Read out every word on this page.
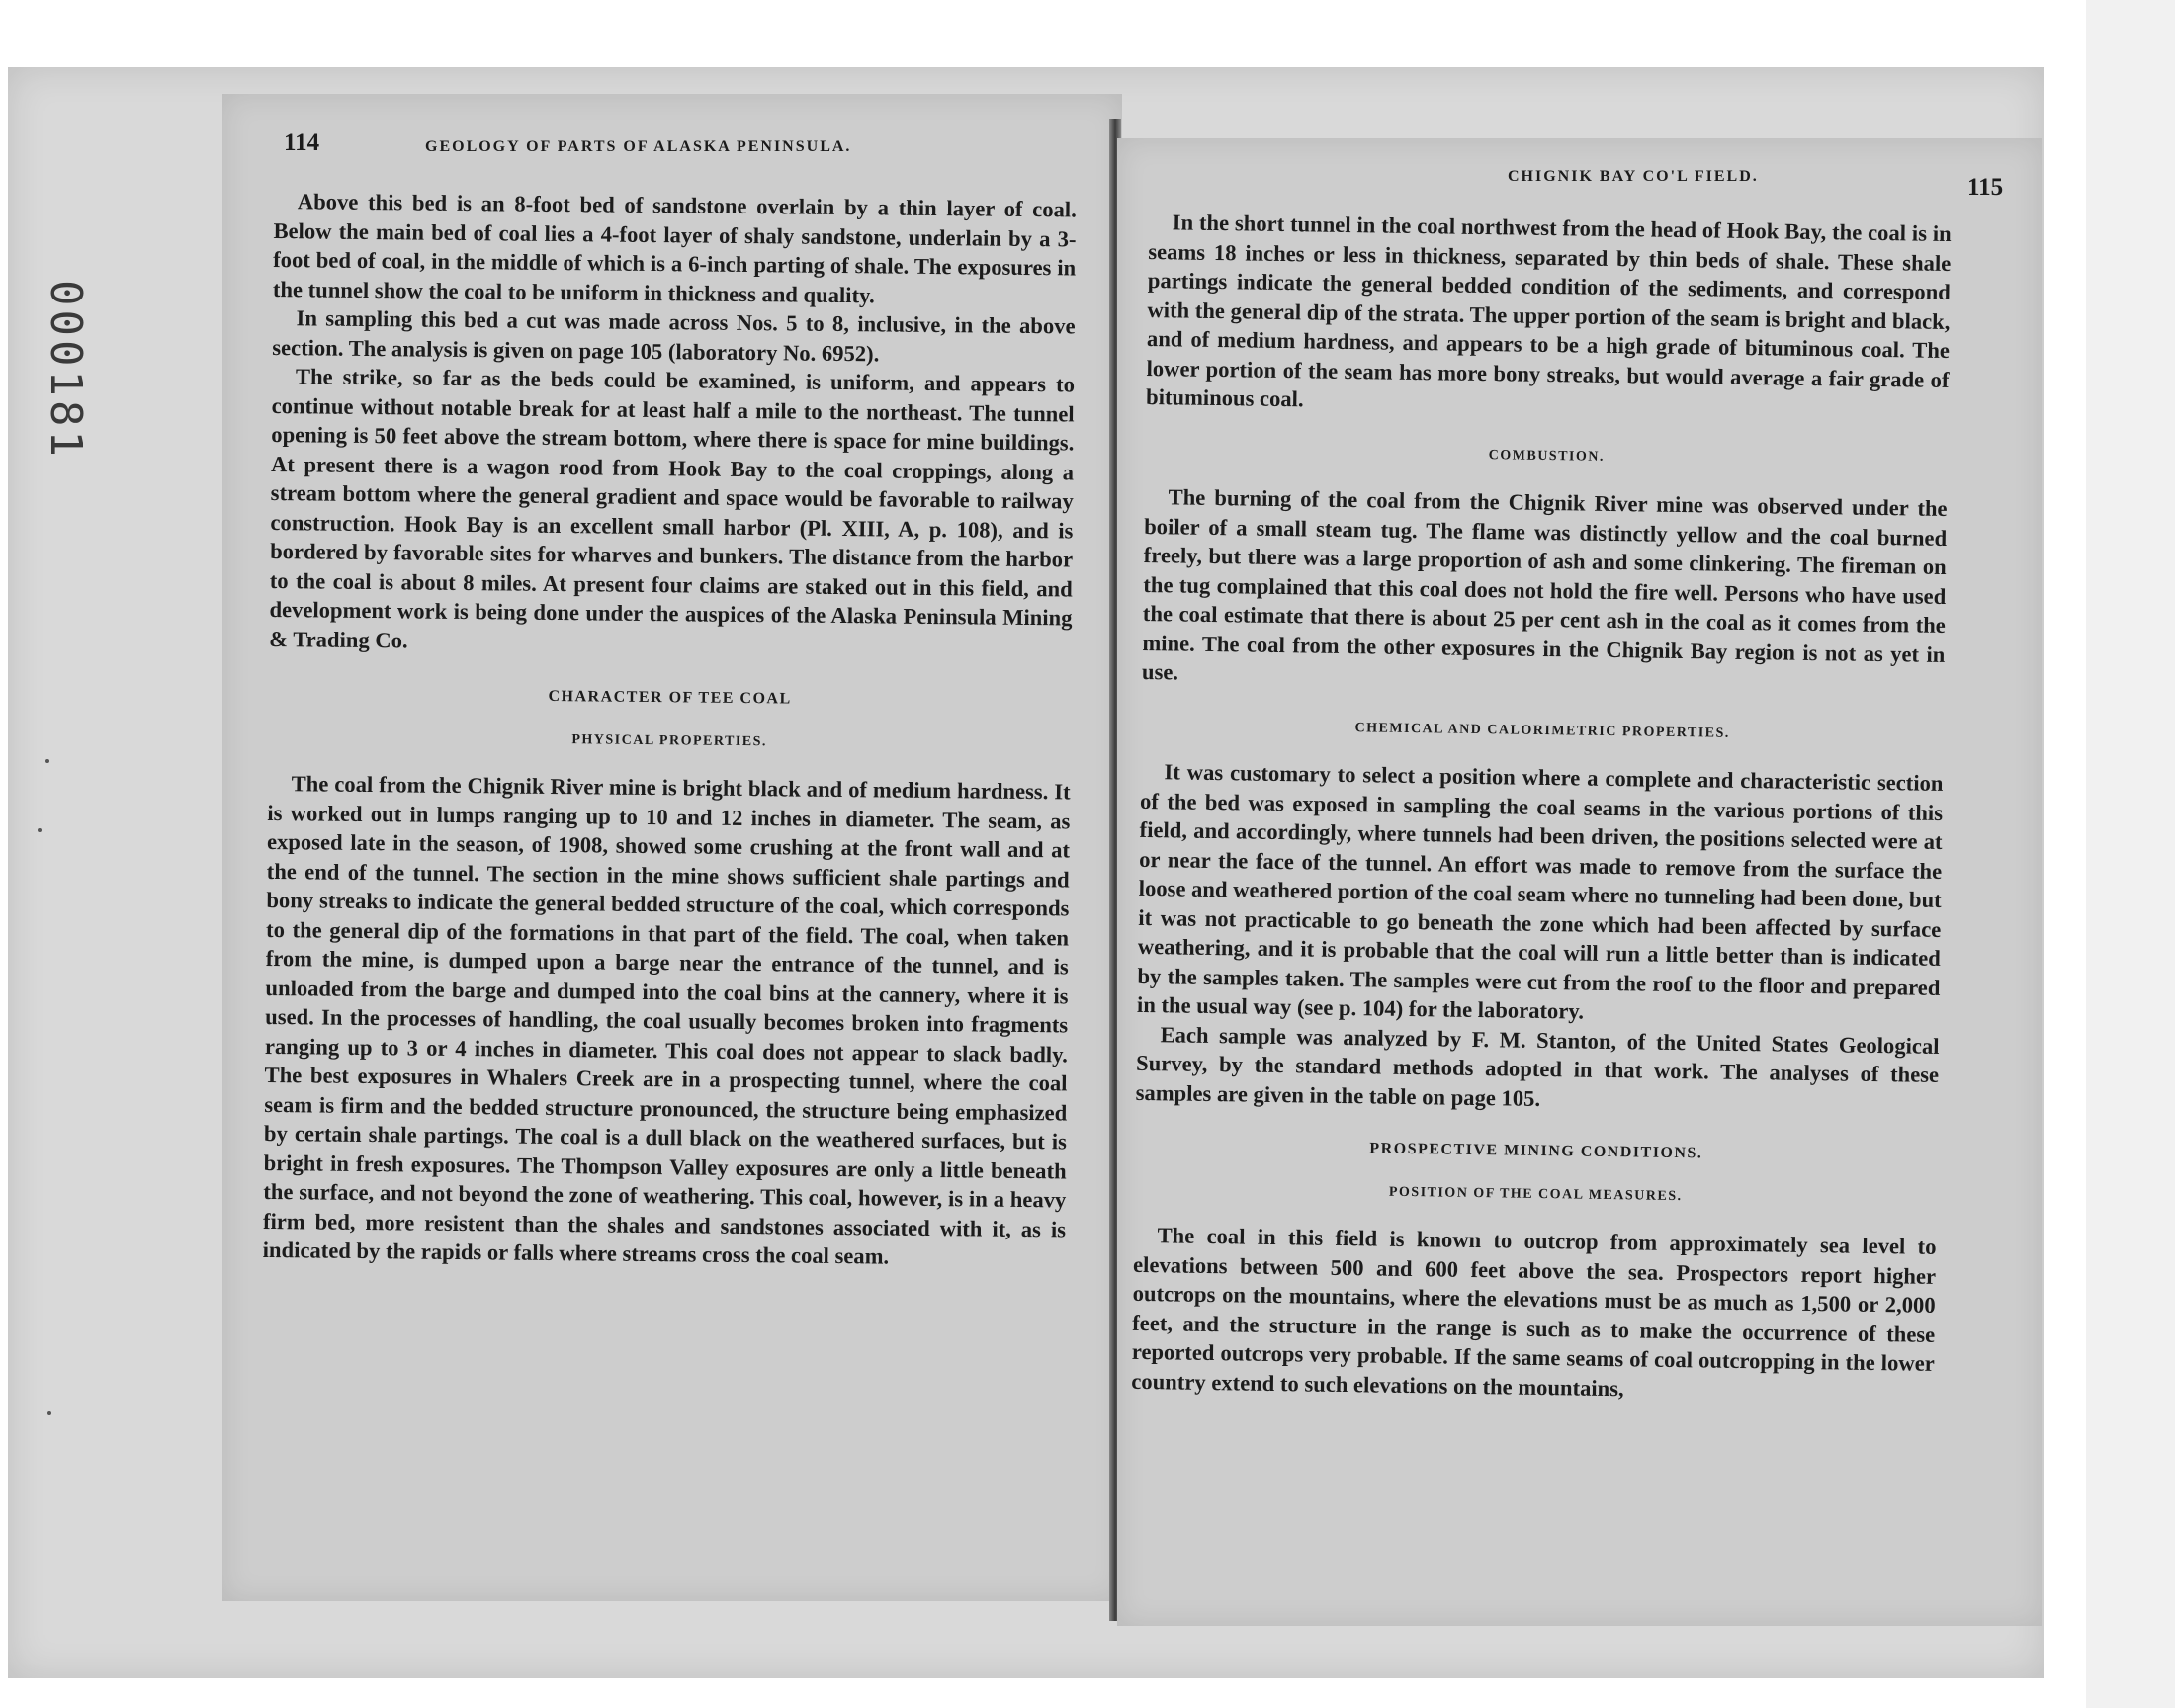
000181
114	GEOLOGY OF PARTS OF ALASKA PENINSULA.

Above this bed is an 8-foot bed of sandstone overlain by a thin layer of coal. Below the main bed of coal lies a 4-foot layer of shaly sandstone, underlain by a 3-foot bed of coal, in the middle of which is a 6-inch parting of shale. The exposures in the tunnel show the coal to be uniform in thickness and quality.

In sampling this bed a cut was made across Nos. 5 to 8, inclusive, in the above section. The analysis is given on page 105 (laboratory No. 6952).

The strike, so far as the beds could be examined, is uniform, and appears to continue without notable break for at least half a mile to the northeast. The tunnel opening is 50 feet above the stream bottom, where there is space for mine buildings. At present there is a wagon rood from Hook Bay to the coal croppings, along a stream bottom where the general gradient and space would be favorable to railway construction. Hook Bay is an excellent small harbor (Pl. XIII, A, p. 108), and is bordered by favorable sites for wharves and bunkers. The distance from the harbor to the coal is about 8 miles. At present four claims are staked out in this field, and development work is being done under the auspices of the Alaska Peninsula Mining & Trading Co.

CHARACTER OF TEE COAL
PHYSICAL PROPERTIES.

The coal from the Chignik River mine is bright black and of medium hardness. It is worked out in lumps ranging up to 10 and 12 inches in diameter. The seam, as exposed late in the season, of 1908, showed some crushing at the front wall and at the end of the tunnel. The section in the mine shows sufficient shale partings and bony streaks to indicate the general bedded structure of the coal, which corresponds to the general dip of the formations in that part of the field. The coal, when taken from the mine, is dumped upon a barge near the entrance of the tunnel, and is unloaded from the barge and dumped into the coal bins at the cannery, where it is used. In the processes of handling, the coal usually becomes broken into fragments ranging up to 3 or 4 inches in diameter. This coal does not appear to slack badly. The best exposures in Whalers Creek are in a prospecting tunnel, where the coal seam is firm and the bedded structure pronounced, the structure being emphasized by certain shale partings. The coal is a dull black on the weathered surfaces, but is bright in fresh exposures. The Thompson Valley exposures are only a little beneath the surface, and not beyond the zone of weathering. This coal, however, is in a heavy firm bed, more resistent than the shales and sandstones associated with it, as is indicated by the rapids or falls where streams cross the coal seam.

CHIGNIK BAY CO'L FIELD.	115

In the short tunnel in the coal northwest from the head of Hook Bay, the coal is in seams 18 inches or less in thickness, separated by thin beds of shale. These shale partings indicate the general bedded condition of the sediments, and correspond with the general dip of the strata. The upper portion of the seam is bright and black, and of medium hardness, and appears to be a high grade of bituminous coal. The lower portion of the seam has more bony streaks, but would average a fair grade of bituminous coal.

COMBUSTION.

The burning of the coal from the Chignik River mine was observed under the boiler of a small steam tug. The flame was distinctly yellow and the coal burned freely, but there was a large proportion of ash and some clinkering. The fireman on the tug complained that this coal does not hold the fire well. Persons who have used the coal estimate that there is about 25 per cent ash in the coal as it comes from the mine. The coal from the other exposures in the Chignik Bay region is not as yet in use.

CHEMICAL AND CALORIMETRIC PROPERTIES.

It was customary to select a position where a complete and characteristic section of the bed was exposed in sampling the coal seams in the various portions of this field, and accordingly, where tunnels had been driven, the positions selected were at or near the face of the tunnel. An effort was made to remove from the surface the loose and weathered portion of the coal seam where no tunneling had been done, but it was not practicable to go beneath the zone which had been affected by surface weathering, and it is probable that the coal will run a little better than is indicated by the samples taken. The samples were cut from the roof to the floor and prepared in the usual way (see p. 104) for the laboratory.

Each sample was analyzed by F. M. Stanton, of the United States Geological Survey, by the standard methods adopted in that work. The analyses of these samples are given in the table on page 105.

PROSPECTIVE MINING CONDITIONS.
POSITION OF THE COAL MEASURES.

The coal in this field is known to outcrop from approximately sea level to elevations between 500 and 600 feet above the sea. Prospectors report higher outcrops on the mountains, where the elevations must be as much as 1,500 or 2,000 feet, and the structure in the range is such as to make the occurrence of these reported outcrops very probable. If the same seams of coal outcropping in the lower country extend to such elevations on the mountains,
